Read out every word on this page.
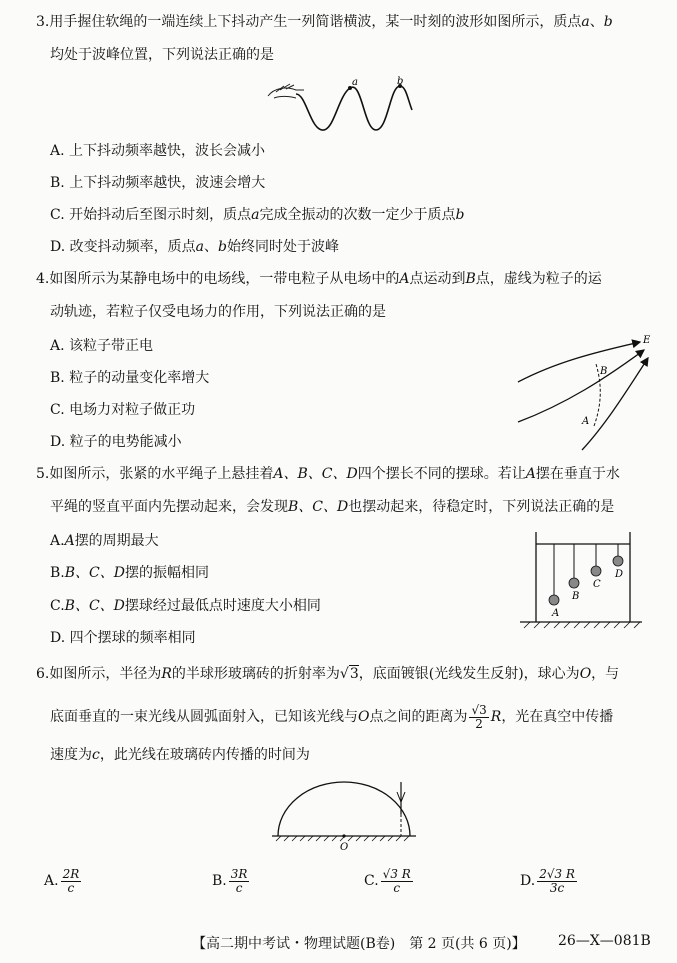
3.用手握住软绳的一端连续上下抖动产生一列简谐横波，某一时刻的波形如图所示，质点a、b
均处于波峰位置，下列说法正确的是
a	b
A. 上下抖动频率越快，波长会减小
B. 上下抖动频率越快，波速会增大
C. 开始抖动后至图示时刻，质点a完成全振动的次数一定少于质点b
D. 改变抖动频率，质点a、b始终同时处于波峰
4.如图所示为某静电场中的电场线，一带电粒子从电场中的A点运动到B点，虚线为粒子的运
动轨迹，若粒子仅受电场力的作用，下列说法正确的是
A. 该粒子带正电
B. 粒子的动量变化率增大
C. 电场力对粒子做正功
D. 粒子的电势能减小
E
B
A
5.如图所示，张紧的水平绳子上悬挂着A、B、C、D四个摆长不同的摆球。若让A摆在垂直于水
平绳的竖直平面内先摆动起来，会发现B、C、D也摆动起来，待稳定时，下列说法正确的是
A.A摆的周期最大
B.B、C、D摆的振幅相同
C.B、C、D摆球经过最低点时速度大小相同
D. 四个摆球的频率相同
A
B
C
D
6.如图所示，半径为R的半球形玻璃砖的折射率为√3，底面镀银(光线发生反射)，球心为O，与
底面垂直的一束光线从圆弧面射入，已知该光线与O点之间的距离为 $\frac{√3}{2}$ R，光在真空中传播
速度为c，此光线在玻璃砖内传播的时间为
O
A. $\frac{2R}{c}$	B. $\frac{3R}{c}$	C. $\frac{√3 R}{c}$	D. $\frac{2√3 R}{3c}$
【高二期中考试・物理试题(B卷)　第 2 页(共 6 页)】 26—X—081B
